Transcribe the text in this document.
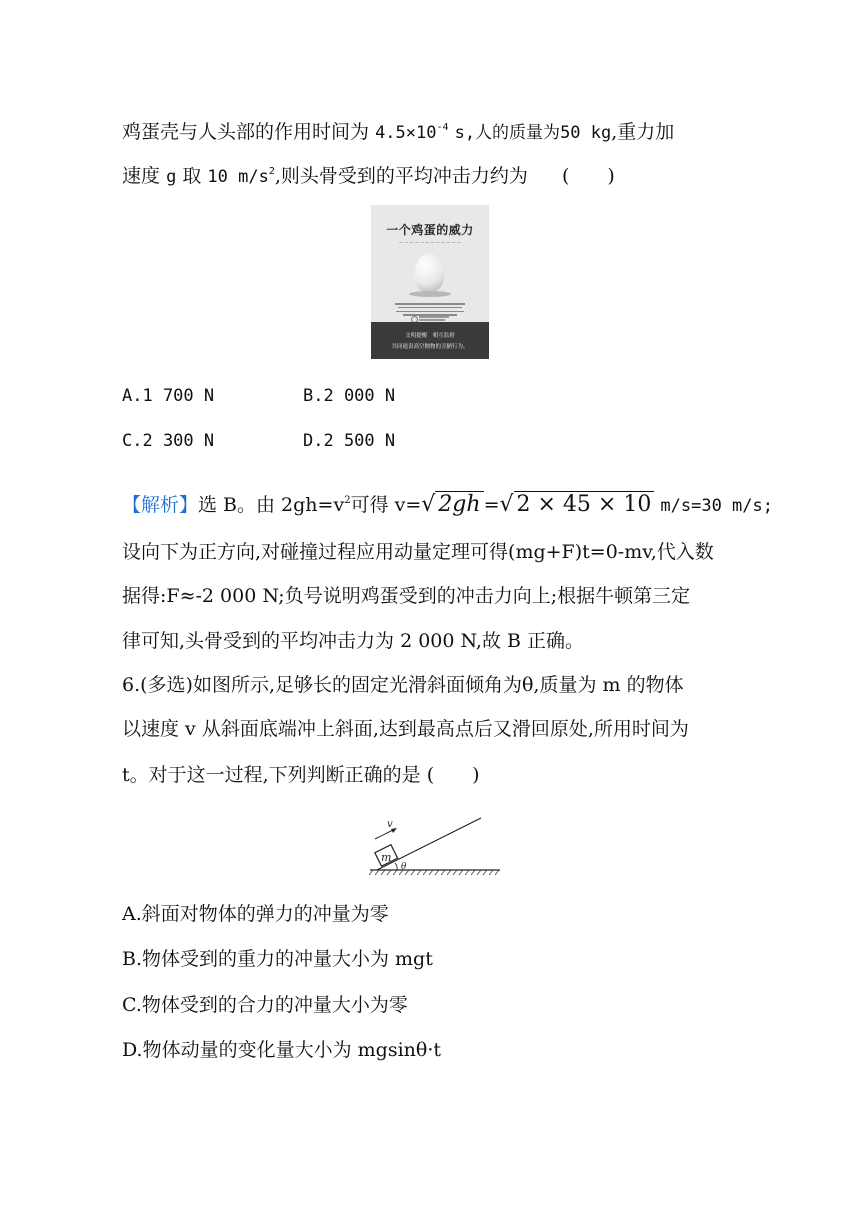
鸡蛋壳与人头部的作用时间为 $4.5\times 10^{-4}$ s,人的质量为50 kg,重力加
速度 g 取 10 $m/s^2$,则头骨受到的平均冲击力约为 (　　)
一个鸡蛋的威力
— — — — — — — — — — — —
文明提醒　相互监督
共同遏责高空抛物的丑陋行为。
A.1 700 N	B.2 000 N
C.2 300 N	D.2 500 N
【解析】选 B。由 $2gh=v^2$可得 v=√ 2gh =√ 2 × 45 × 10 m/s=30 m/s;
设向下为正方向,对碰撞过程应用动量定理可得(mg+F)t=0-mv,代入数
据得:F≈-2 000 N;负号说明鸡蛋受到的冲击力向上;根据牛顿第三定
律可知,头骨受到的平均冲击力为 2 000 N,故 B 正确。
6.(多选)如图所示,足够长的固定光滑斜面倾角为θ,质量为 m 的物体
以速度 v 从斜面底端冲上斜面,达到最高点后又滑回原处,所用时间为
t。对于这一过程,下列判断正确的是 (　　)
m
θ
v
A.斜面对物体的弹力的冲量为零
B.物体受到的重力的冲量大小为 mgt
C.物体受到的合力的冲量大小为零
D.物体动量的变化量大小为 mgsinθ·t
